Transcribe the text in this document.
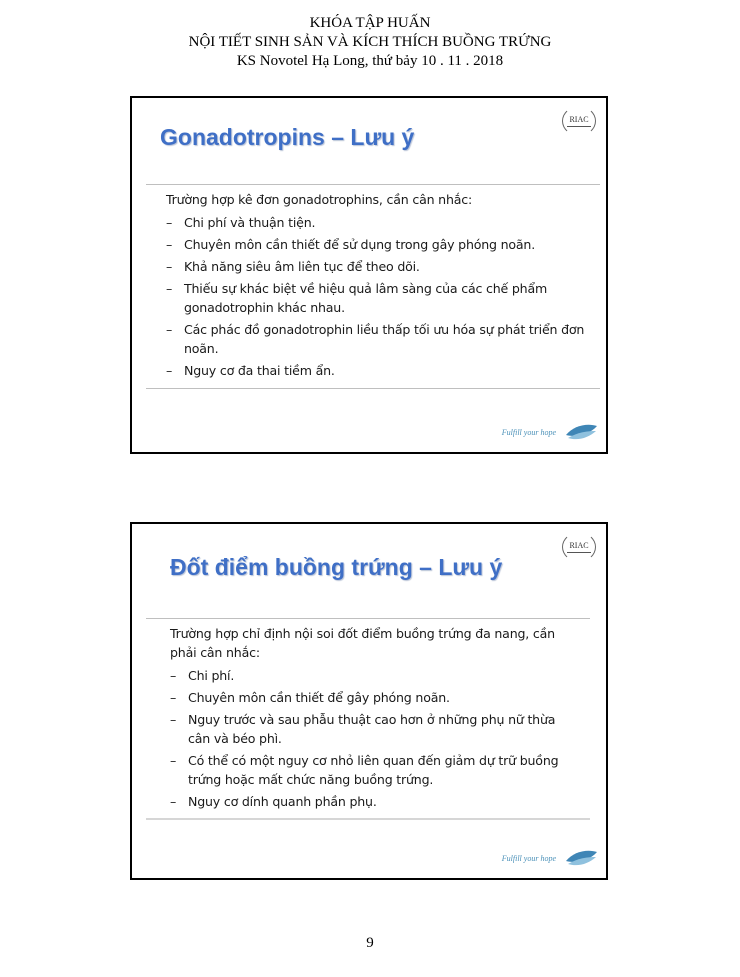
KHÓA TẬP HUẤN
NỘI TIẾT SINH SẢN VÀ KÍCH THÍCH BUỒNG TRỨNG
KS Novotel Hạ Long, thứ bảy 10 . 11 . 2018
RIAC
Gonadotropins – Lưu ý
Trường hợp kê đơn gonadotrophins, cần cân nhắc:
– Chi phí và thuận tiện.
– Chuyên môn cần thiết để sử dụng trong gây phóng noãn.
– Khả năng siêu âm liên tục để theo dõi.
– Thiếu sự khác biệt về hiệu quả lâm sàng của các chế phẩm gonadotrophin khác nhau.
– Các phác đồ gonadotrophin liều thấp tối ưu hóa sự phát triển đơn noãn.
– Nguy cơ đa thai tiềm ẩn.
Fulfill your hope
RIAC
Đốt điểm buồng trứng – Lưu ý
Trường hợp chỉ định nội soi đốt điểm buồng trứng đa nang, cần phải cân nhắc:
– Chi phí.
– Chuyên môn cần thiết để gây phóng noãn.
– Nguy trước và sau phẫu thuật cao hơn ở những phụ nữ thừa cân và béo phì.
– Có thể có một nguy cơ nhỏ liên quan đến giảm dự trữ buồng trứng hoặc mất chức năng buồng trứng.
– Nguy cơ dính quanh phần phụ.
Fulfill your hope
9
